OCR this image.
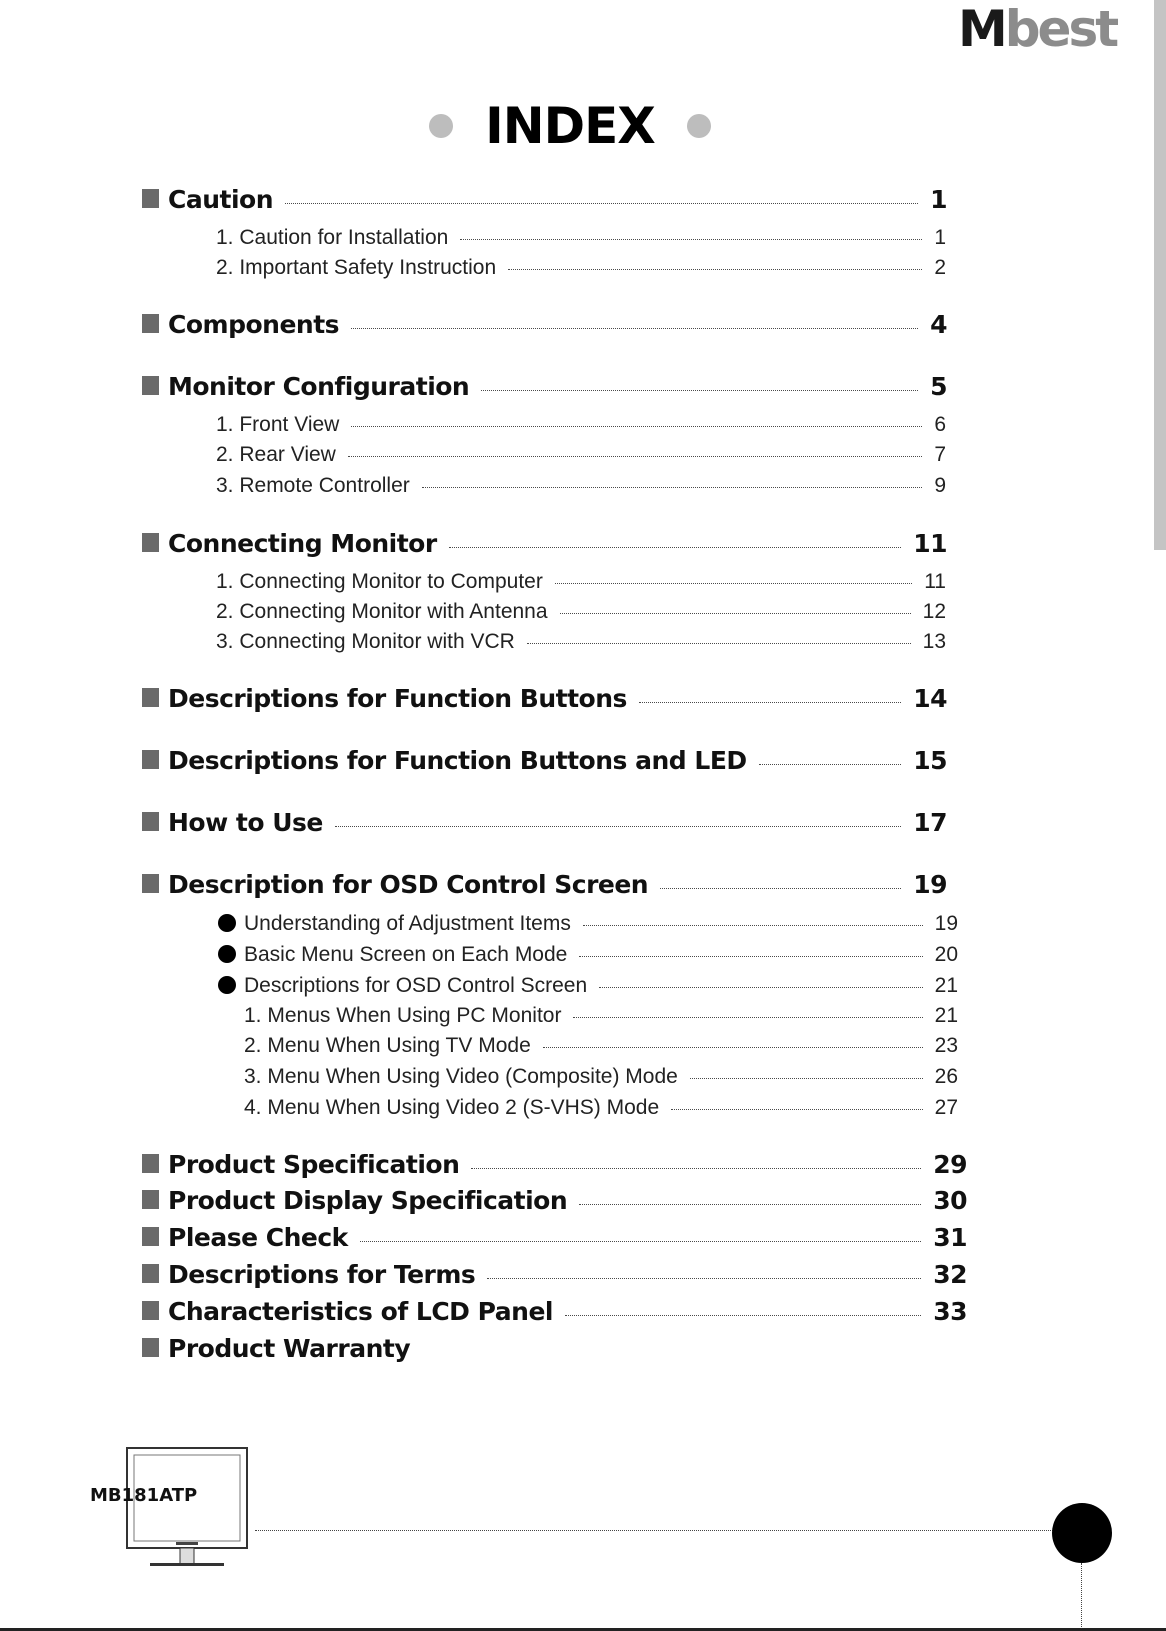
Mbest
INDEX
Caution	1
1. Caution for Installation	1
2. Important Safety Instruction	2
Components	4
Monitor Configuration	5
1. Front View	6
2. Rear View	7
3. Remote Controller	9
Connecting Monitor	11
1. Connecting Monitor to Computer	11
2. Connecting Monitor with Antenna	12
3. Connecting Monitor with VCR	13
Descriptions for Function Buttons	14
Descriptions for Function Buttons and LED	15
How to Use	17
Description for OSD Control Screen	19
Understanding of Adjustment Items	19
Basic Menu Screen on Each Mode	20
Descriptions for OSD Control Screen	21
1. Menus When Using PC Monitor	21
2. Menu When Using TV Mode	23
3. Menu When Using Video (Composite) Mode	26
4. Menu When Using Video 2 (S-VHS) Mode	27
Product Specification	29
Product Display Specification	30
Please Check	31
Descriptions for Terms	32
Characteristics of LCD Panel	33
Product Warranty
MB181ATP
